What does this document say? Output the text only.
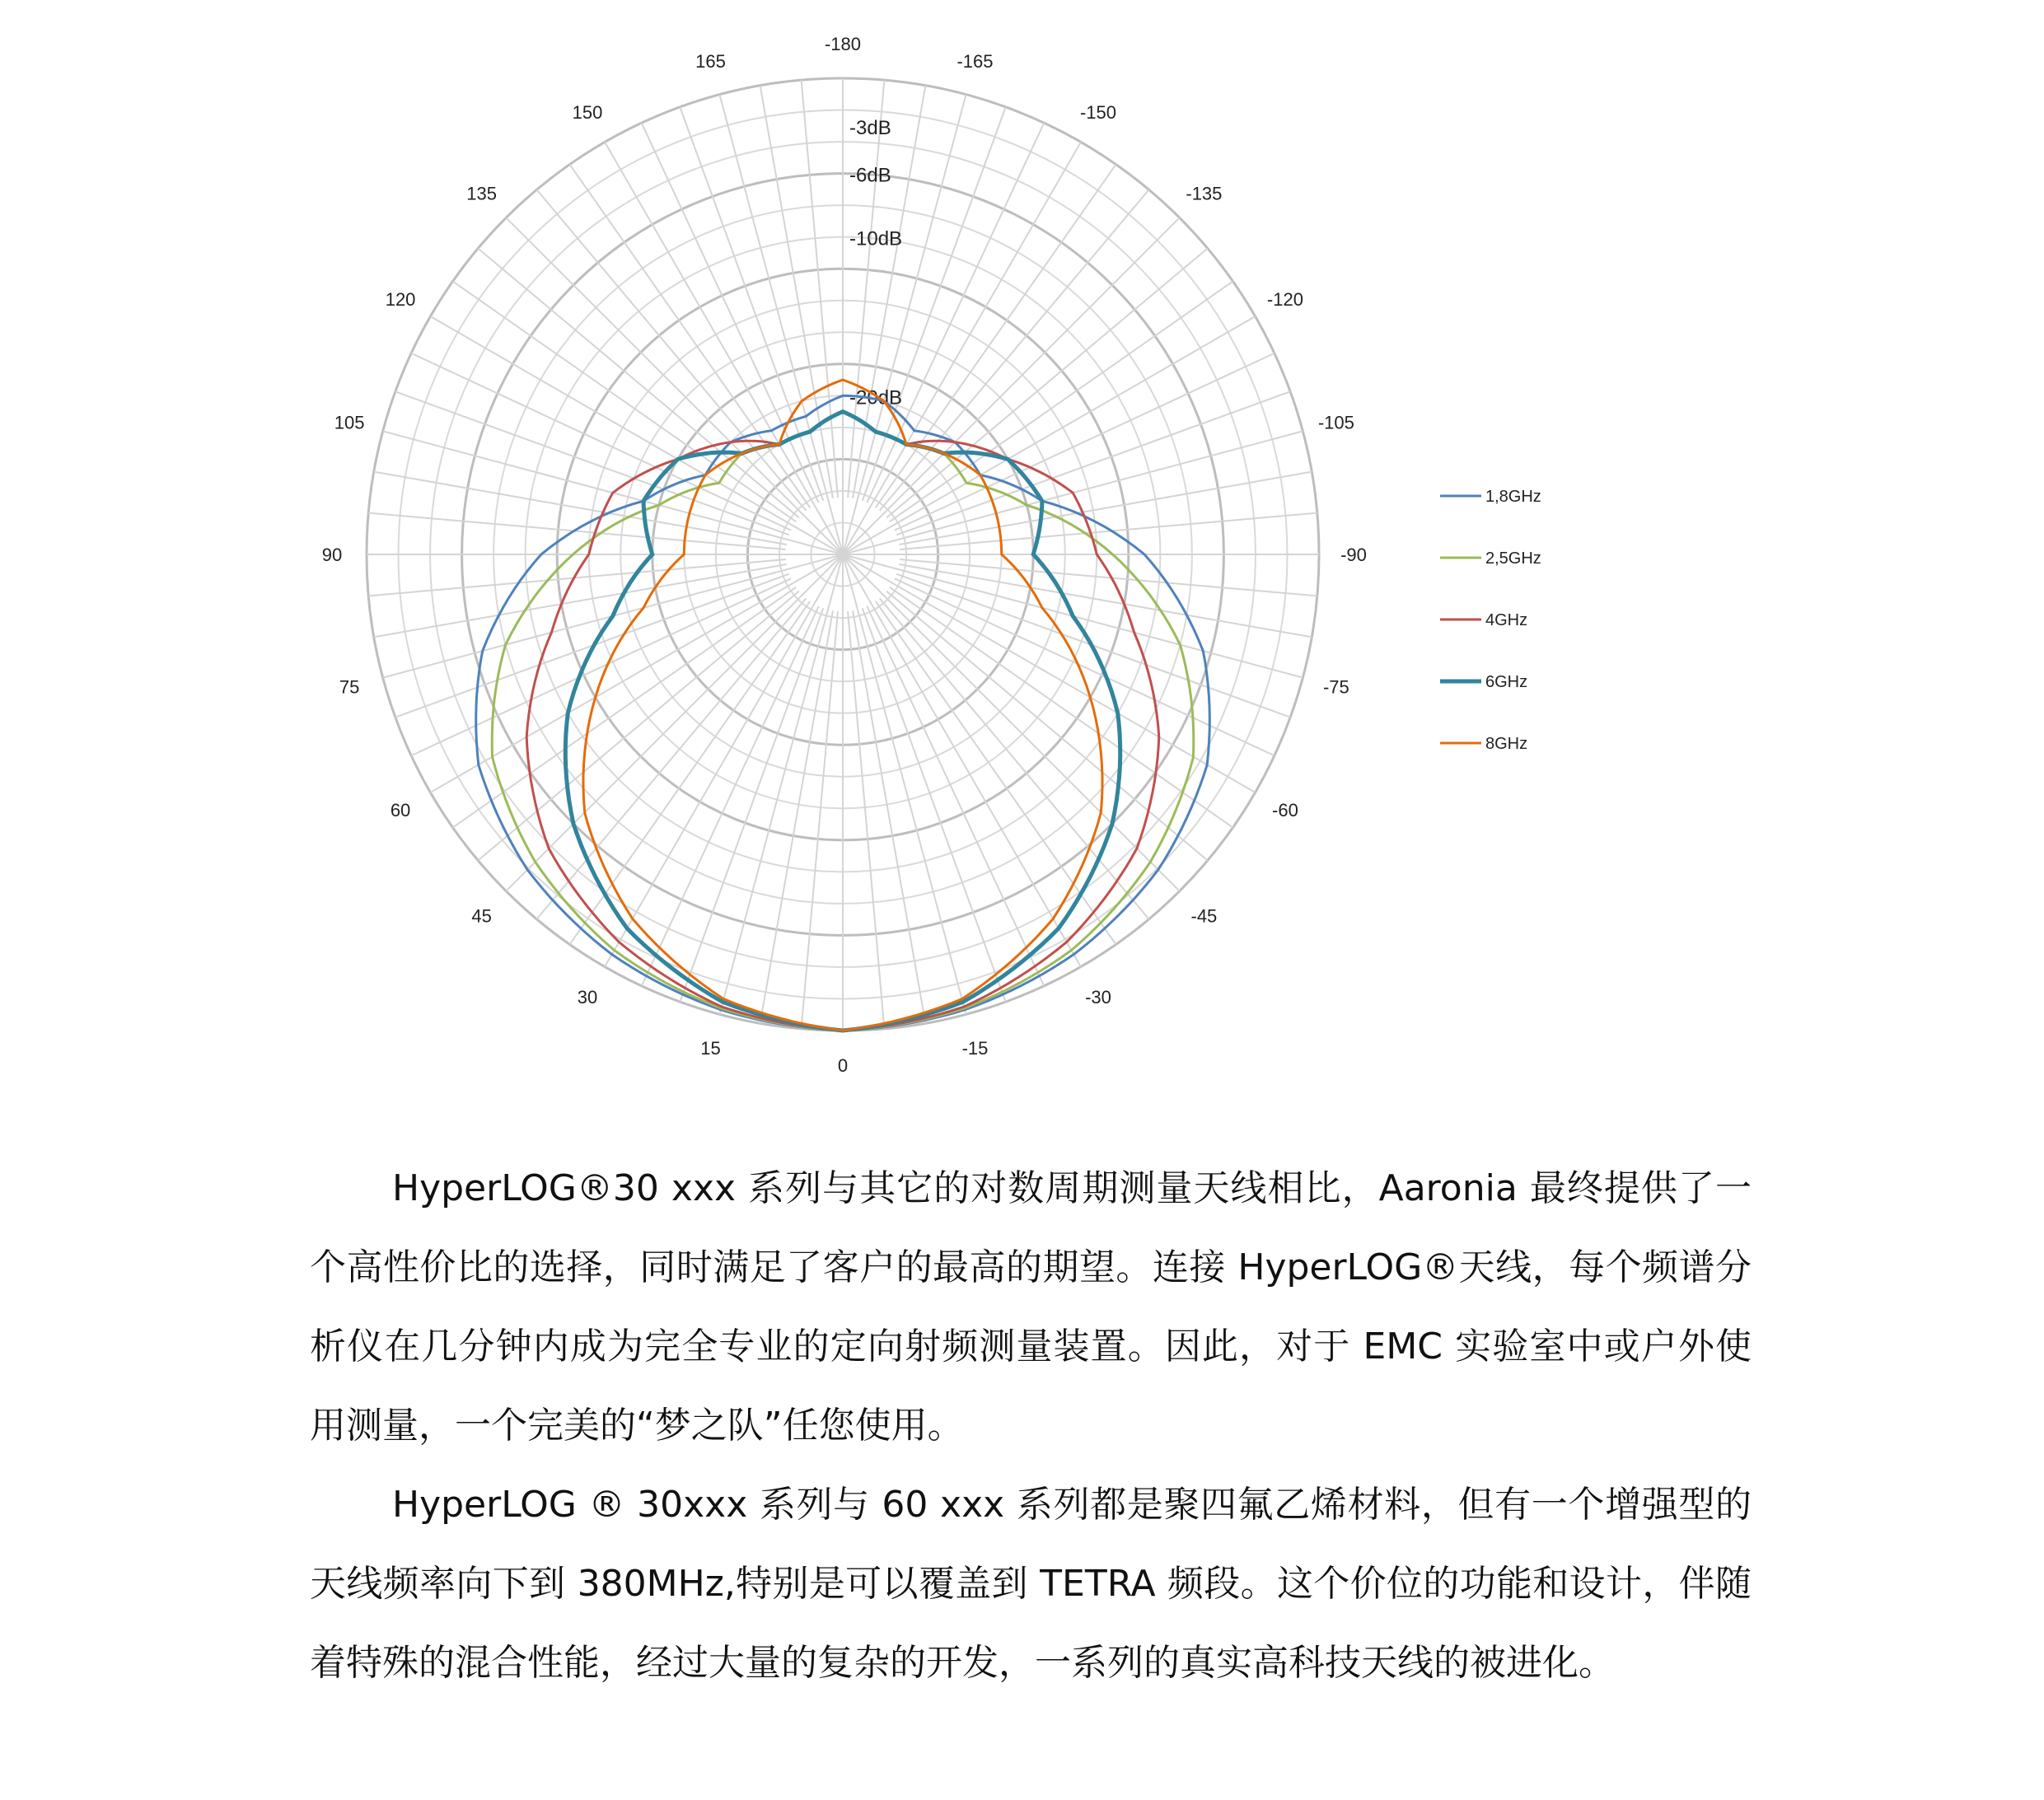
-180
-165
-150
-135
-120
-105
-90
-75
-60
-45
-30
-15
0
15
30
45
60
75
90
105
120
135
150
165
-3dB
-6dB
-10dB
-20dB
1,8GHz
2,5GHz
4GHz
6GHz
8GHz

HyperLOG®30 xxx 系列与其它的对数周期测量天线相比，Aaronia 最终提供了一个高性价比的选择，同时满足了客户的最高的期望。连接 HyperLOG®天线，每个频谱分析仪在几分钟内成为完全专业的定向射频测量装置。因此，对于 EMC 实验室中或户外使用测量，一个完美的“梦之队”任您使用。

HyperLOG ® 30xxx 系列与 60 xxx 系列都是聚四氟乙烯材料，但有一个增强型的天线频率向下到 380MHz,特别是可以覆盖到 TETRA 频段。这个价位的功能和设计，伴随着特殊的混合性能，经过大量的复杂的开发，一系列的真实高科技天线的被进化。
